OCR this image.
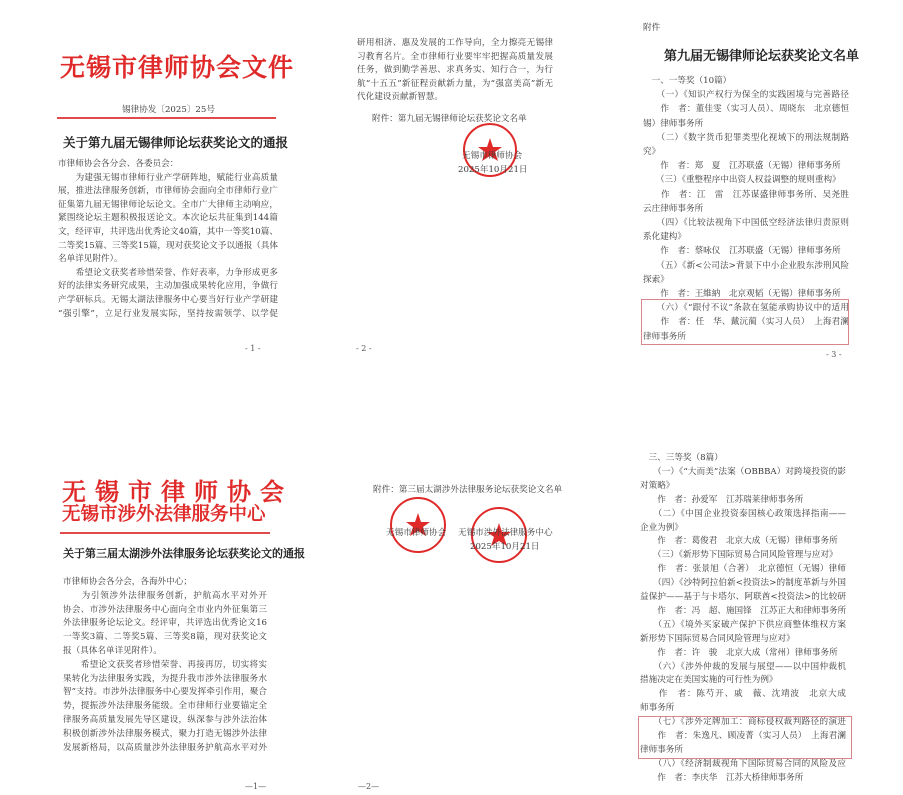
无锡市律师协会文件
锡律协发〔2025〕25号
关于第九届无锡律师论坛获奖论文的通报
市律师协会各分会、各委员会：
　　为建强无锡市律师行业产学研阵地，赋能行业高质量
展，推进法律服务创新，市律师协会面向全市律师行业广
征集第九届无锡律师论坛论文。全市广大律师主动响应，
紧围绕论坛主题积极报送论文。本次论坛共征集到144篇
文，经评审，共评选出优秀论文40篇，其中一等奖10篇、
二等奖15篇、三等奖15篇，现对获奖论文予以通报（具体
名单详见附件）。
　　希望论文获奖者珍惜荣誉、作好表率，力争形成更多
好的法律实务研究成果，主动加强成果转化应用，争做行
产学研标兵。无锡太湖法律服务中心要当好行业产学研建
“强引擎”，立足行业发展实际，坚持按需领学、以学促
- 1 -
研用相济、惠及发展的工作导向，全力擦亮无锡律
习教育名片。全市律师行业要牢牢把握高质量发展
任务，做到勤学善思、求真务实、知行合一，为行
航“十五五”新征程贡献新力量，为“强富美高”新无
代化建设贡献新智慧。
附件：第九届无锡律师论坛获奖论文名单
无锡市律师协会
2025年10月21日
- 2 -
附件
第九届无锡律师论坛获奖论文名单
　一、一等奖（10篇）
　　（一）《知识产权行为保全的实践困境与完善路径
　　作　者：董佳雯（实习人员）、周晓东　北京德恒
锡）律师事务所
　　（二）《数字货币犯罪类型化视域下的刑法规制路
究》
　　作　者：郑　夏　江苏联盛（无锡）律师事务所
　　（三）《重整程序中出资人权益调整的规则重构》
　　作　者：江　雷　江苏谋盛律师事务所、吴尧胜　
云庄律师事务所
　　（四）《比较法视角下中国低空经济法律归责原则
系化建构》
　　作　者：蔡咏仪　江苏联盛（无锡）律师事务所
　　（五）《新<公司法>背景下中小企业股东涉刑风险
探索》
　　作　者：王維納　北京观韬（无锡）律师事务所
　　（六）《“跟付不议”条款在氢能承购协议中的适用
　　作　者：任　华、戴沅蔺（实习人员）　上海君澜
律师事务所
- 3 -
无锡市律师协会
无锡市涉外法律服务中心
关于第三届太湖涉外法律服务论坛获奖论文的通报
市律师协会各分会，各海外中心；
　　为引领涉外法律服务创新，护航高水平对外开
协会、市涉外法律服务中心面向全市业内外征集第三
外法律服务论坛论文。经评审，共评选出优秀论文16
一等奖3篇、二等奖5篇、三等奖8篇，现对获奖论文
报（具体名单详见附件）。
　　希望论文获奖者珍惜荣誉、再接再厉，切实将实
果转化为法律服务实践，为提升我市涉外法律服务水
智”支持。市涉外法律服务中心要发挥牵引作用，聚合
势，提振涉外法律服务能级。全市律师行业要锚定全
律服务高质量发展先导区建设，纵深参与涉外法治体
积极创新涉外法律服务模式，聚力打造无锡涉外法律
发展新格局，以高质量涉外法律服务护航高水平对外
—1—
附件：第三届太湖涉外法律服务论坛获奖论文名单
无锡市律师协会 无锡市涉外法律服务中心
2025年10月21日
—2—
　三、三等奖（8篇）
　　（一）《“大而美”法案（OBBBA）对跨境投资的影
对策略》
　　作　者：孙爱军　江苏瑞莱律师事务所
　　（二）《中国企业投资泰国核心政策选择指南——
企业为例》
　　作　者：葛俊君　北京大成（无锡）律师事务所
　　（三）《新形势下国际贸易合同风险管理与应对》
　　作　者：张景旭（合著）　北京德恒（无锡）律师
　　（四）《沙特阿拉伯新<投资法>的制度革新与外国
益保护——基于与卡塔尔、阿联酋<投资法>的比较研
　　作　者：冯　超、施国锋　江苏正大和律师事务所
　　（五）《境外买家破产保护下供应商整体维权方案
新形势下国际贸易合同风险管理与应对》
　　作　者：许　骏　北京大成（常州）律师事务所
　　（六）《涉外仲裁的发展与展望——以中国仲裁机
措施决定在美国实施的可行性为例》
　　作　者：陈芍开、戚　薇、沈靖波　北京大成
师事务所
　　（七）《涉外定牌加工：商标侵权裁判路径的演进
　　作　者：朱逸凡、顾凌菁（实习人员）　上海君澜
律师事务所
　　（八）《经济制裁视角下国际贸易合同的风险及应
　　作　者：李庆华　江苏大桥律师事务所
